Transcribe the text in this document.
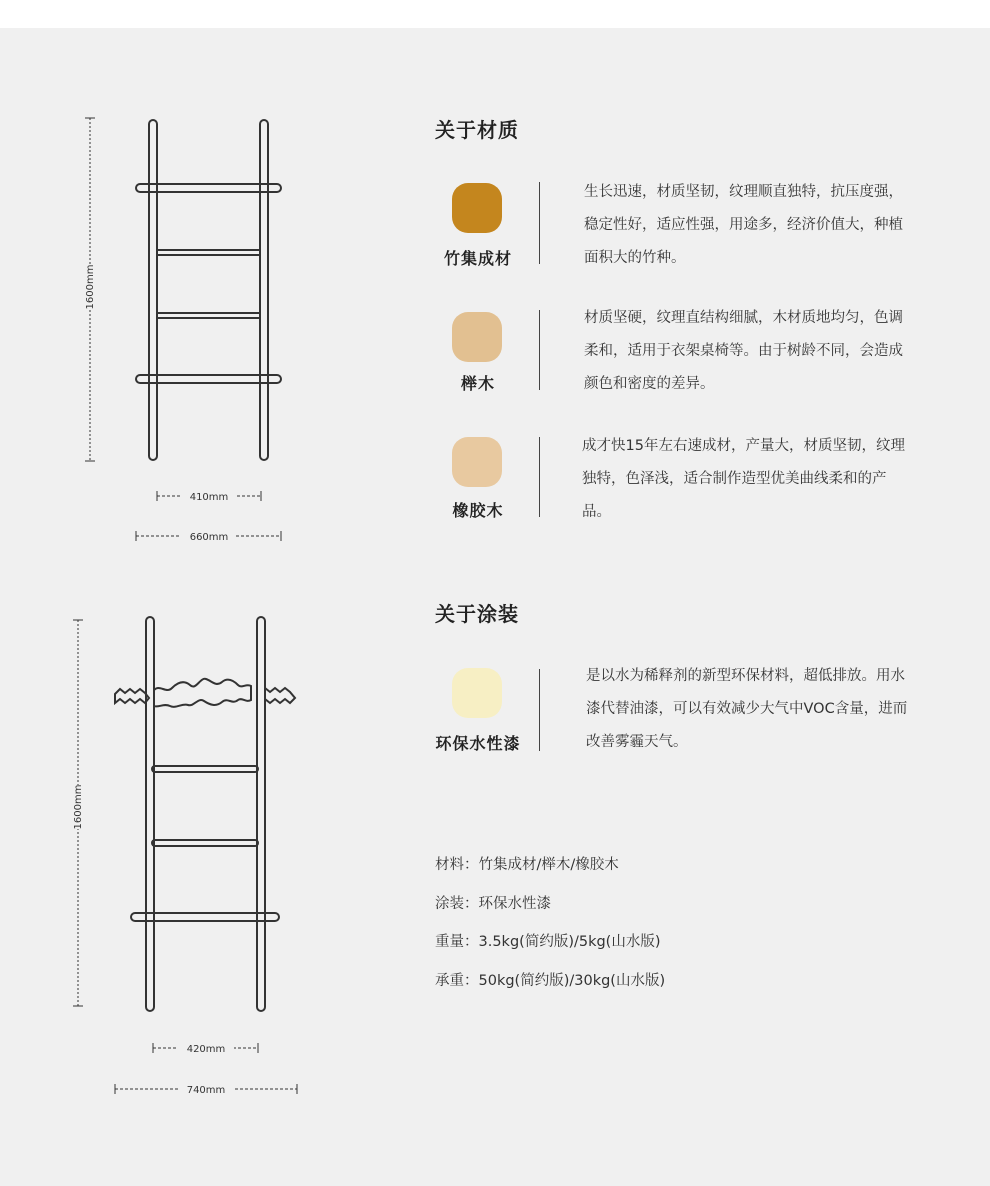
410mm
660mm
1600mm
420mm
740mm
1600mm
关于材质
竹集成材
生长迅速，材质坚韧，纹理顺直独特，抗压度强，稳定性好，适应性强，用途多，经济价值大，种植面积大的竹种。
榉木
材质坚硬，纹理直结构细腻，木材质地均匀，色调柔和，适用于衣架桌椅等。由于树龄不同，会造成颜色和密度的差异。
橡胶木
成才快15年左右速成材，产量大，材质坚韧，纹理独特，色泽浅，适合制作造型优美曲线柔和的产品。
关于涂装
环保水性漆
是以水为稀释剂的新型环保材料，超低排放。用水漆代替油漆，可以有效减少大气中VOC含量，进而改善雾霾天气。
材料：竹集成材/榉木/橡胶木
涂装：环保水性漆
重量：3.5kg(简约版)/5kg(山水版)
承重：50kg(简约版)/30kg(山水版)
